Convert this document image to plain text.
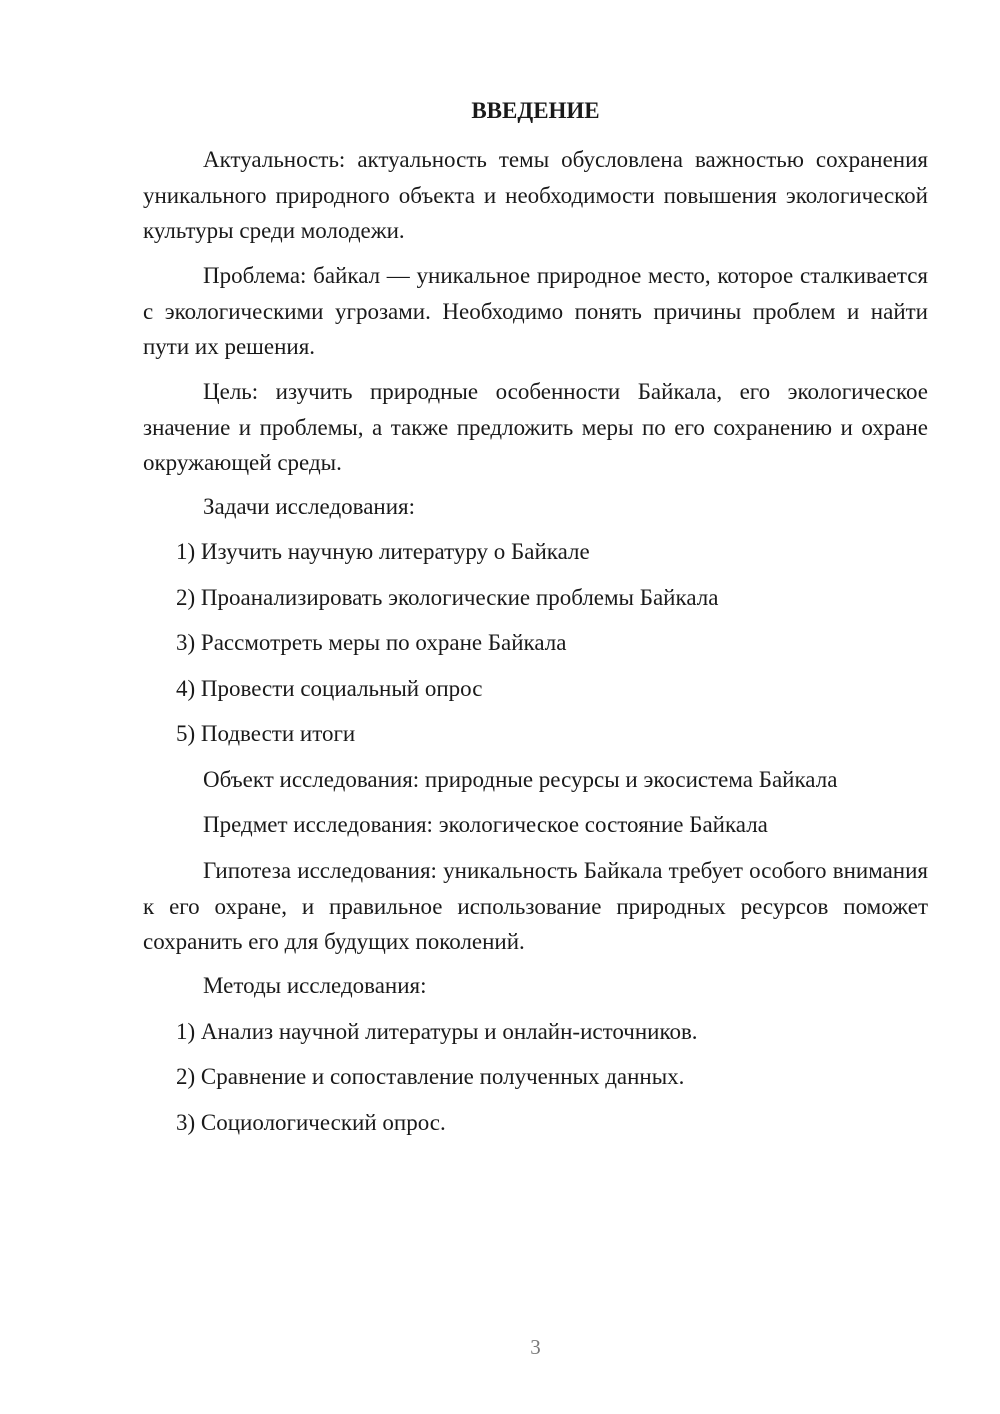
ВВЕДЕНИЕ
Актуальность: актуальность темы обусловлена важностью сохранения уникального природного объекта и необходимости повышения экологической культуры среди молодежи.
Проблема: байкал — уникальное природное место, которое сталкивается с экологическими угрозами. Необходимо понять причины проблем и найти пути их решения.
Цель: изучить природные особенности Байкала, его экологическое значение и проблемы, а также предложить меры по его сохранению и охране окружающей среды.
Задачи исследования:
1) Изучить научную литературу о Байкале
2) Проанализировать экологические проблемы Байкала
3) Рассмотреть меры по охране Байкала
4) Провести социальный опрос
5) Подвести итоги
Объект исследования: природные ресурсы и экосистема Байкала
Предмет исследования: экологическое состояние Байкала
Гипотеза исследования: уникальность Байкала требует особого внимания к его охране, и правильное использование природных ресурсов поможет сохранить его для будущих поколений.
Методы исследования:
1) Анализ научной литературы и онлайн-источников.
2) Сравнение и сопоставление полученных данных.
3) Социологический опрос.
3
